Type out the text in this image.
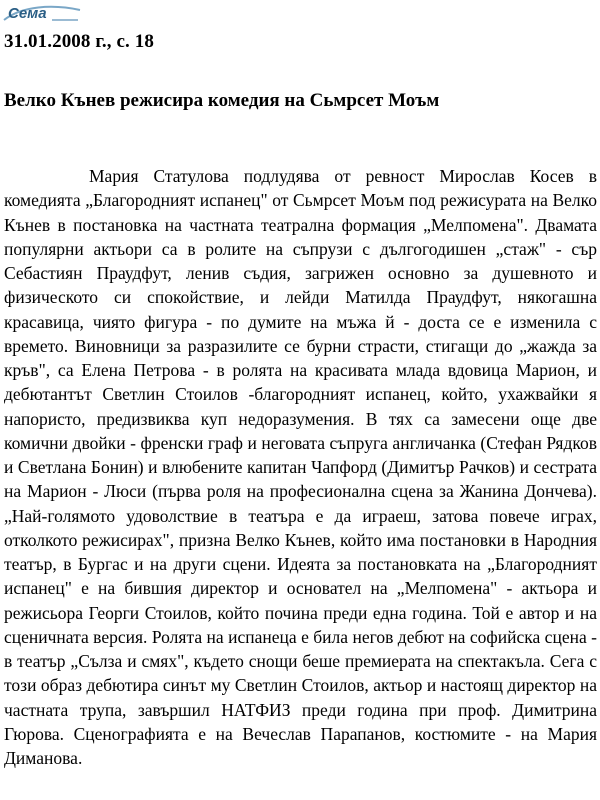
Сема
31.01.2008 г., с. 18
Велко Кънев режисира комедия на Сьмрсет Моъм

Мария Статулова подлудява от ревност Мирослав Косев в комедията „Благородният испанец" от Сьмрсет Моъм под режисурата на Велко Кънев в постановка на частната театрална формация „Мелпомена". Двамата популярни актьори са в ролите на съпрузи с дългогодишен „стаж" - сър Себастиян Праудфут, ленив съдия, загрижен основно за душевното и физическото си спокойствие, и лейди Матилда Праудфут, някогашна красавица, чиято фигура - по думите на мъжа й - доста се е изменила с времето. Виновници за разразилите се бурни страсти, стигащи до „жажда за кръв", са Елена Петрова - в ролята на красивата млада вдовица Марион, и дебютантът Светлин Стоилов -благородният испанец, който, ухажвайки я напористо, предизвиква куп недоразумения. В тях са замесени още две комични двойки - френски граф и неговата съпруга англичанка (Стефан Рядков и Светлана Бонин) и влюбените капитан Чапфорд (Димитър Рачков) и сестрата на Марион - Люси (първа роля на професионална сцена за Жанина Дончева). „Най-голямото удоволствие в театъра е да играеш, затова повече играх, отколкото режисирах", призна Велко Кънев, който има постановки в Народния театър, в Бургас и на други сцени. Идеята за постановката на „Благородният испанец" е на бившия директор и основател на „Мелпомена" - актьора и режисьора Георги Стоилов, който почина преди една година. Той е автор и на сценичната версия. Ролята на испанеца е била негов дебют на софийска сцена - в театър „Сълза и смях", където снощи беше премиерата на спектакъла. Сега с този образ дебютира синът му Светлин Стоилов, актьор и настоящ директор на частната трупа, завършил НАТФИЗ преди година при проф. Димитрина Гюрова. Сценографията е на Вечеслав Парапанов, костюмите - на Мария Диманова.
